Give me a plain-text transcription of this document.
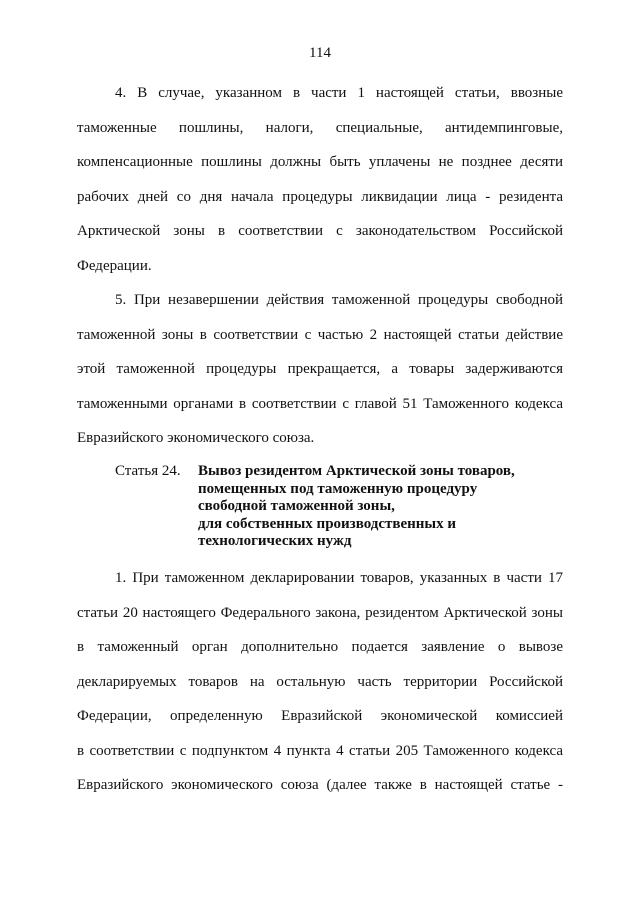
114
4. В случае, указанном в части 1 настоящей статьи, ввозные
таможенные пошлины, налоги, специальные, антидемпинговые,
компенсационные пошлины должны быть уплачены не позднее десяти
рабочих дней со дня начала процедуры ликвидации лица - резидента
Арктической зоны в соответствии с законодательством Российской
Федерации.
5. При незавершении действия таможенной процедуры свободной
таможенной зоны в соответствии с частью 2 настоящей статьи действие
этой таможенной процедуры прекращается, а товары задерживаются
таможенными органами в соответствии с главой 51 Таможенного кодекса
Евразийского экономического союза.
Статья 24. Вывоз резидентом Арктической зоны товаров,
помещенных под таможенную процедуру
свободной таможенной зоны,
для собственных производственных и
технологических нужд
1. При таможенном декларировании товаров, указанных в части 17
статьи 20 настоящего Федерального закона, резидентом Арктической зоны
в таможенный орган дополнительно подается заявление о вывозе
декларируемых товаров на остальную часть территории Российской
Федерации, определенную Евразийской экономической комиссией
в соответствии с подпунктом 4 пункта 4 статьи 205 Таможенного кодекса
Евразийского экономического союза (далее также в настоящей статье -
